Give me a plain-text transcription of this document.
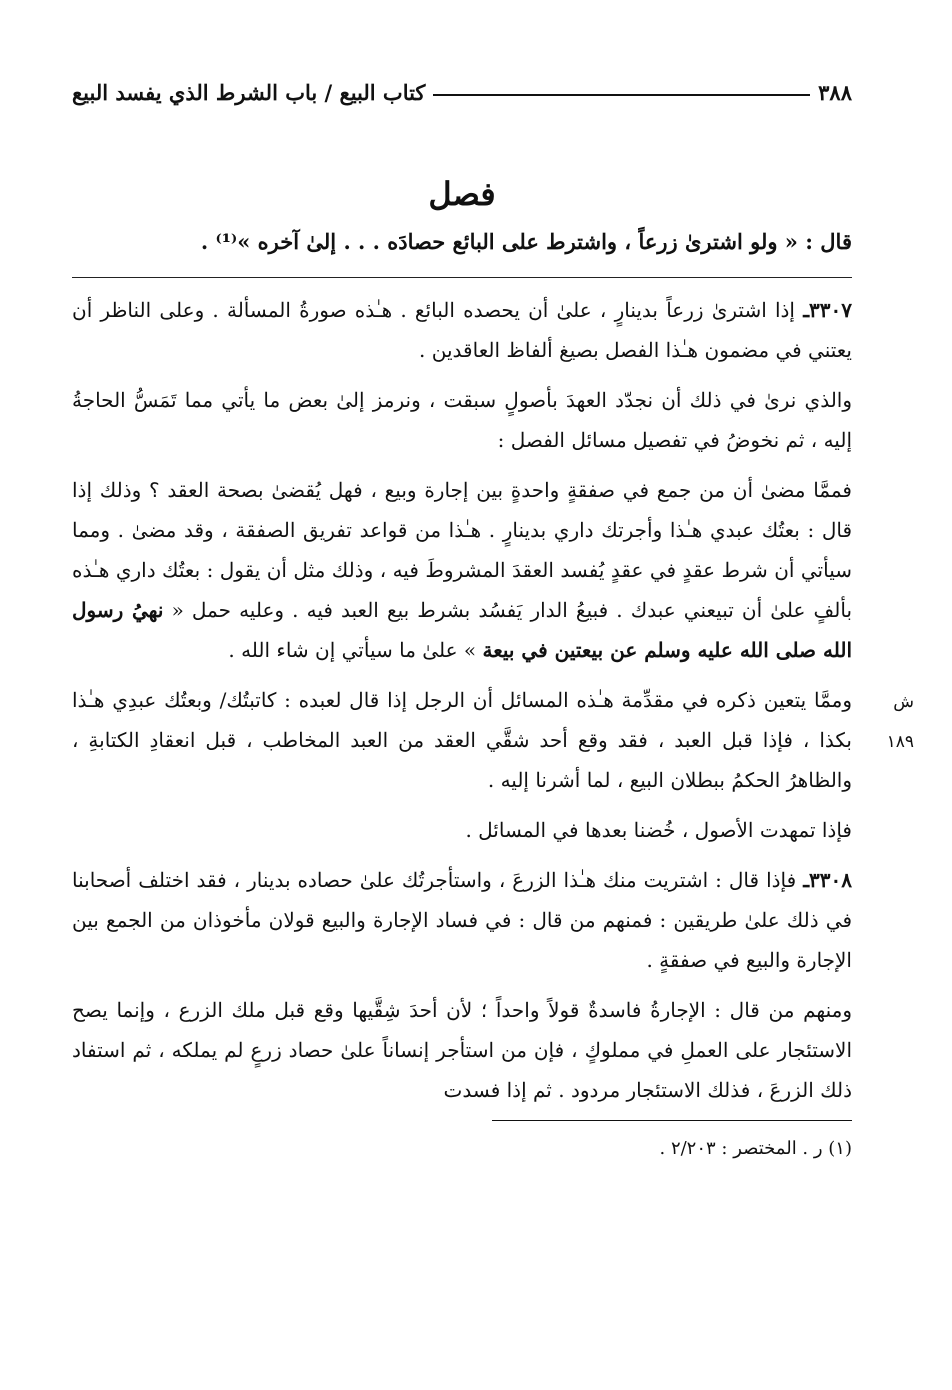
٣٨٨
كتاب البيع / باب الشرط الذي يفسد البيع
فصل
قال : « ولو اشترىٰ زرعاً ، واشترط على البائع حصادَه . . . إلىٰ آخره »⁽¹⁾ .

٣٣٠٧ـ إذا اشترىٰ زرعاً بدينارٍ ، علىٰ أن يحصده البائع . هـٰذه صورةُ المسألة . وعلى الناظر أن يعتني في مضمون هـٰذا الفصل بصيغ ألفاظ العاقدين .

والذي نرىٰ في ذلك أن نجدّد العهدَ بأصولٍ سبقت ، ونرمز إلىٰ بعض ما يأتي مما تَمَسُّ الحاجةُ إليه ، ثم نخوضُ في تفصيل مسائل الفصل :

فممَّا مضىٰ أن من جمع في صفقةٍ واحدةٍ بين إجارة وبيع ، فهل يُقضىٰ بصحة العقد ؟ وذلك إذا قال : بعتُك عبدي هـٰذا وأجرتك داري بدينارٍ . هـٰذا من قواعد تفريق الصفقة ، وقد مضىٰ . ومما سيأتي أن شرط عقدٍ في عقدٍ يُفسد العقدَ المشروطَ فيه ، وذلك مثل أن يقول : بعتُك داري هـٰذه بألفٍ علىٰ أن تبيعني عبدك . فبيعُ الدار يَفسُد بشرط بيع العبد فيه . وعليه حمل « نهيُ رسول الله صلى الله عليه وسلم عن بيعتين في بيعة » علىٰ ما سيأتي إن شاء الله .

ش ١٨٩

وممَّا يتعين ذكره في مقدِّمة هـٰذه المسائل أن الرجل إذا قال لعبده : كاتبتُك/ وبعتُك عبدِي هـٰذا بكذا ، فإذا قبل العبد ، فقد وقع أحد شقَّي العقد من العبد المخاطب ، قبل انعقادِ الكتابةِ ، والظاهرُ الحكمُ ببطلان البيع ، لما أشرنا إليه .

فإذا تمهدت الأصول ، خُضنا بعدها في المسائل .

٣٣٠٨ـ فإذا قال : اشتريت منك هـٰذا الزرعَ ، واستأجرتُك علىٰ حصاده بدينار ، فقد اختلف أصحابنا في ذلك علىٰ طريقين : فمنهم من قال : في فساد الإجارة والبيع قولان مأخوذان من الجمع بين الإجارة والبيع في صفقةٍ .

ومنهم من قال : الإجارةُ فاسدةٌ قولاً واحداً ؛ لأن أحدَ شِقَّيها وقع قبل ملك الزرع ، وإنما يصح الاستئجار على العملِ في مملوكٍ ، فإن من استأجر إنساناً علىٰ حصاد زرعٍ لم يملكه ، ثم استفاد ذلك الزرعَ ، فذلك الاستئجار مردود . ثم إذا فسدت

(١) ر . المختصر : ٢/٢٠٣ .
